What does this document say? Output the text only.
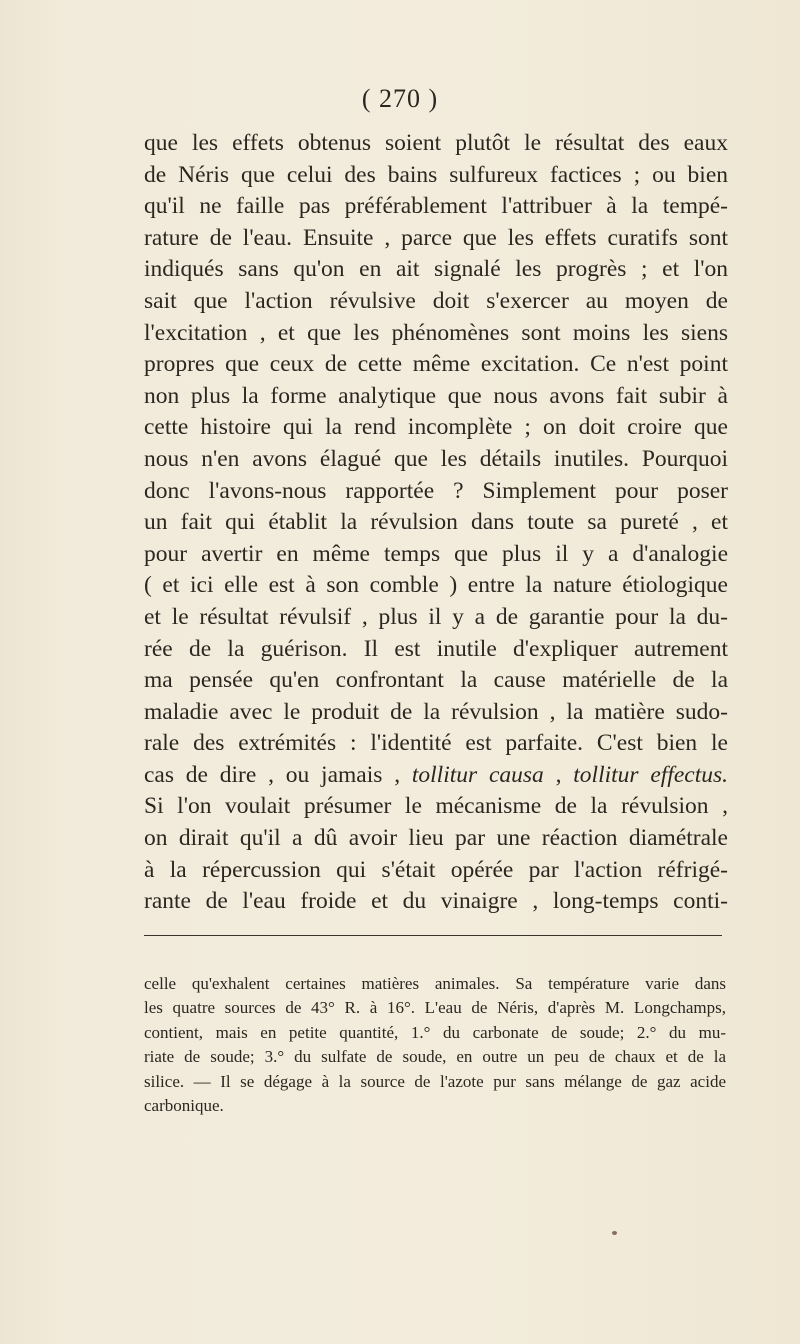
( 270 )
que les effets obtenus soient plutôt le résultat des eaux
de Néris que celui des bains sulfureux factices ; ou bien
qu'il ne faille pas préférablement l'attribuer à la tempé-
rature de l'eau. Ensuite , parce que les effets curatifs sont
indiqués sans qu'on en ait signalé les progrès ; et l'on
sait que l'action révulsive doit s'exercer au moyen de
l'excitation , et que les phénomènes sont moins les siens
propres que ceux de cette même excitation. Ce n'est point
non plus la forme analytique que nous avons fait subir à
cette histoire qui la rend incomplète ; on doit croire que
nous n'en avons élagué que les détails inutiles. Pourquoi
donc l'avons-nous rapportée ? Simplement pour poser
un fait qui établit la révulsion dans toute sa pureté , et
pour avertir en même temps que plus il y a d'analogie
( et ici elle est à son comble ) entre la nature étiologique
et le résultat révulsif , plus il y a de garantie pour la du-
rée de la guérison. Il est inutile d'expliquer autrement
ma pensée qu'en confrontant la cause matérielle de la
maladie avec le produit de la révulsion , la matière sudo-
rale des extrémités : l'identité est parfaite. C'est bien le
cas de dire , ou jamais , tollitur causa , tollitur effectus.
Si l'on voulait présumer le mécanisme de la révulsion ,
on dirait qu'il a dû avoir lieu par une réaction diamétrale
à la répercussion qui s'était opérée par l'action réfrigé-
rante de l'eau froide et du vinaigre , long-temps conti-
celle qu'exhalent certaines matières animales. Sa température varie dans
les quatre sources de 43° R. à 16°. L'eau de Néris, d'après M. Longchamps,
contient, mais en petite quantité, 1.° du carbonate de soude; 2.° du mu-
riate de soude; 3.° du sulfate de soude, en outre un peu de chaux et de la
silice. — Il se dégage à la source de l'azote pur sans mélange de gaz acide
carbonique.
